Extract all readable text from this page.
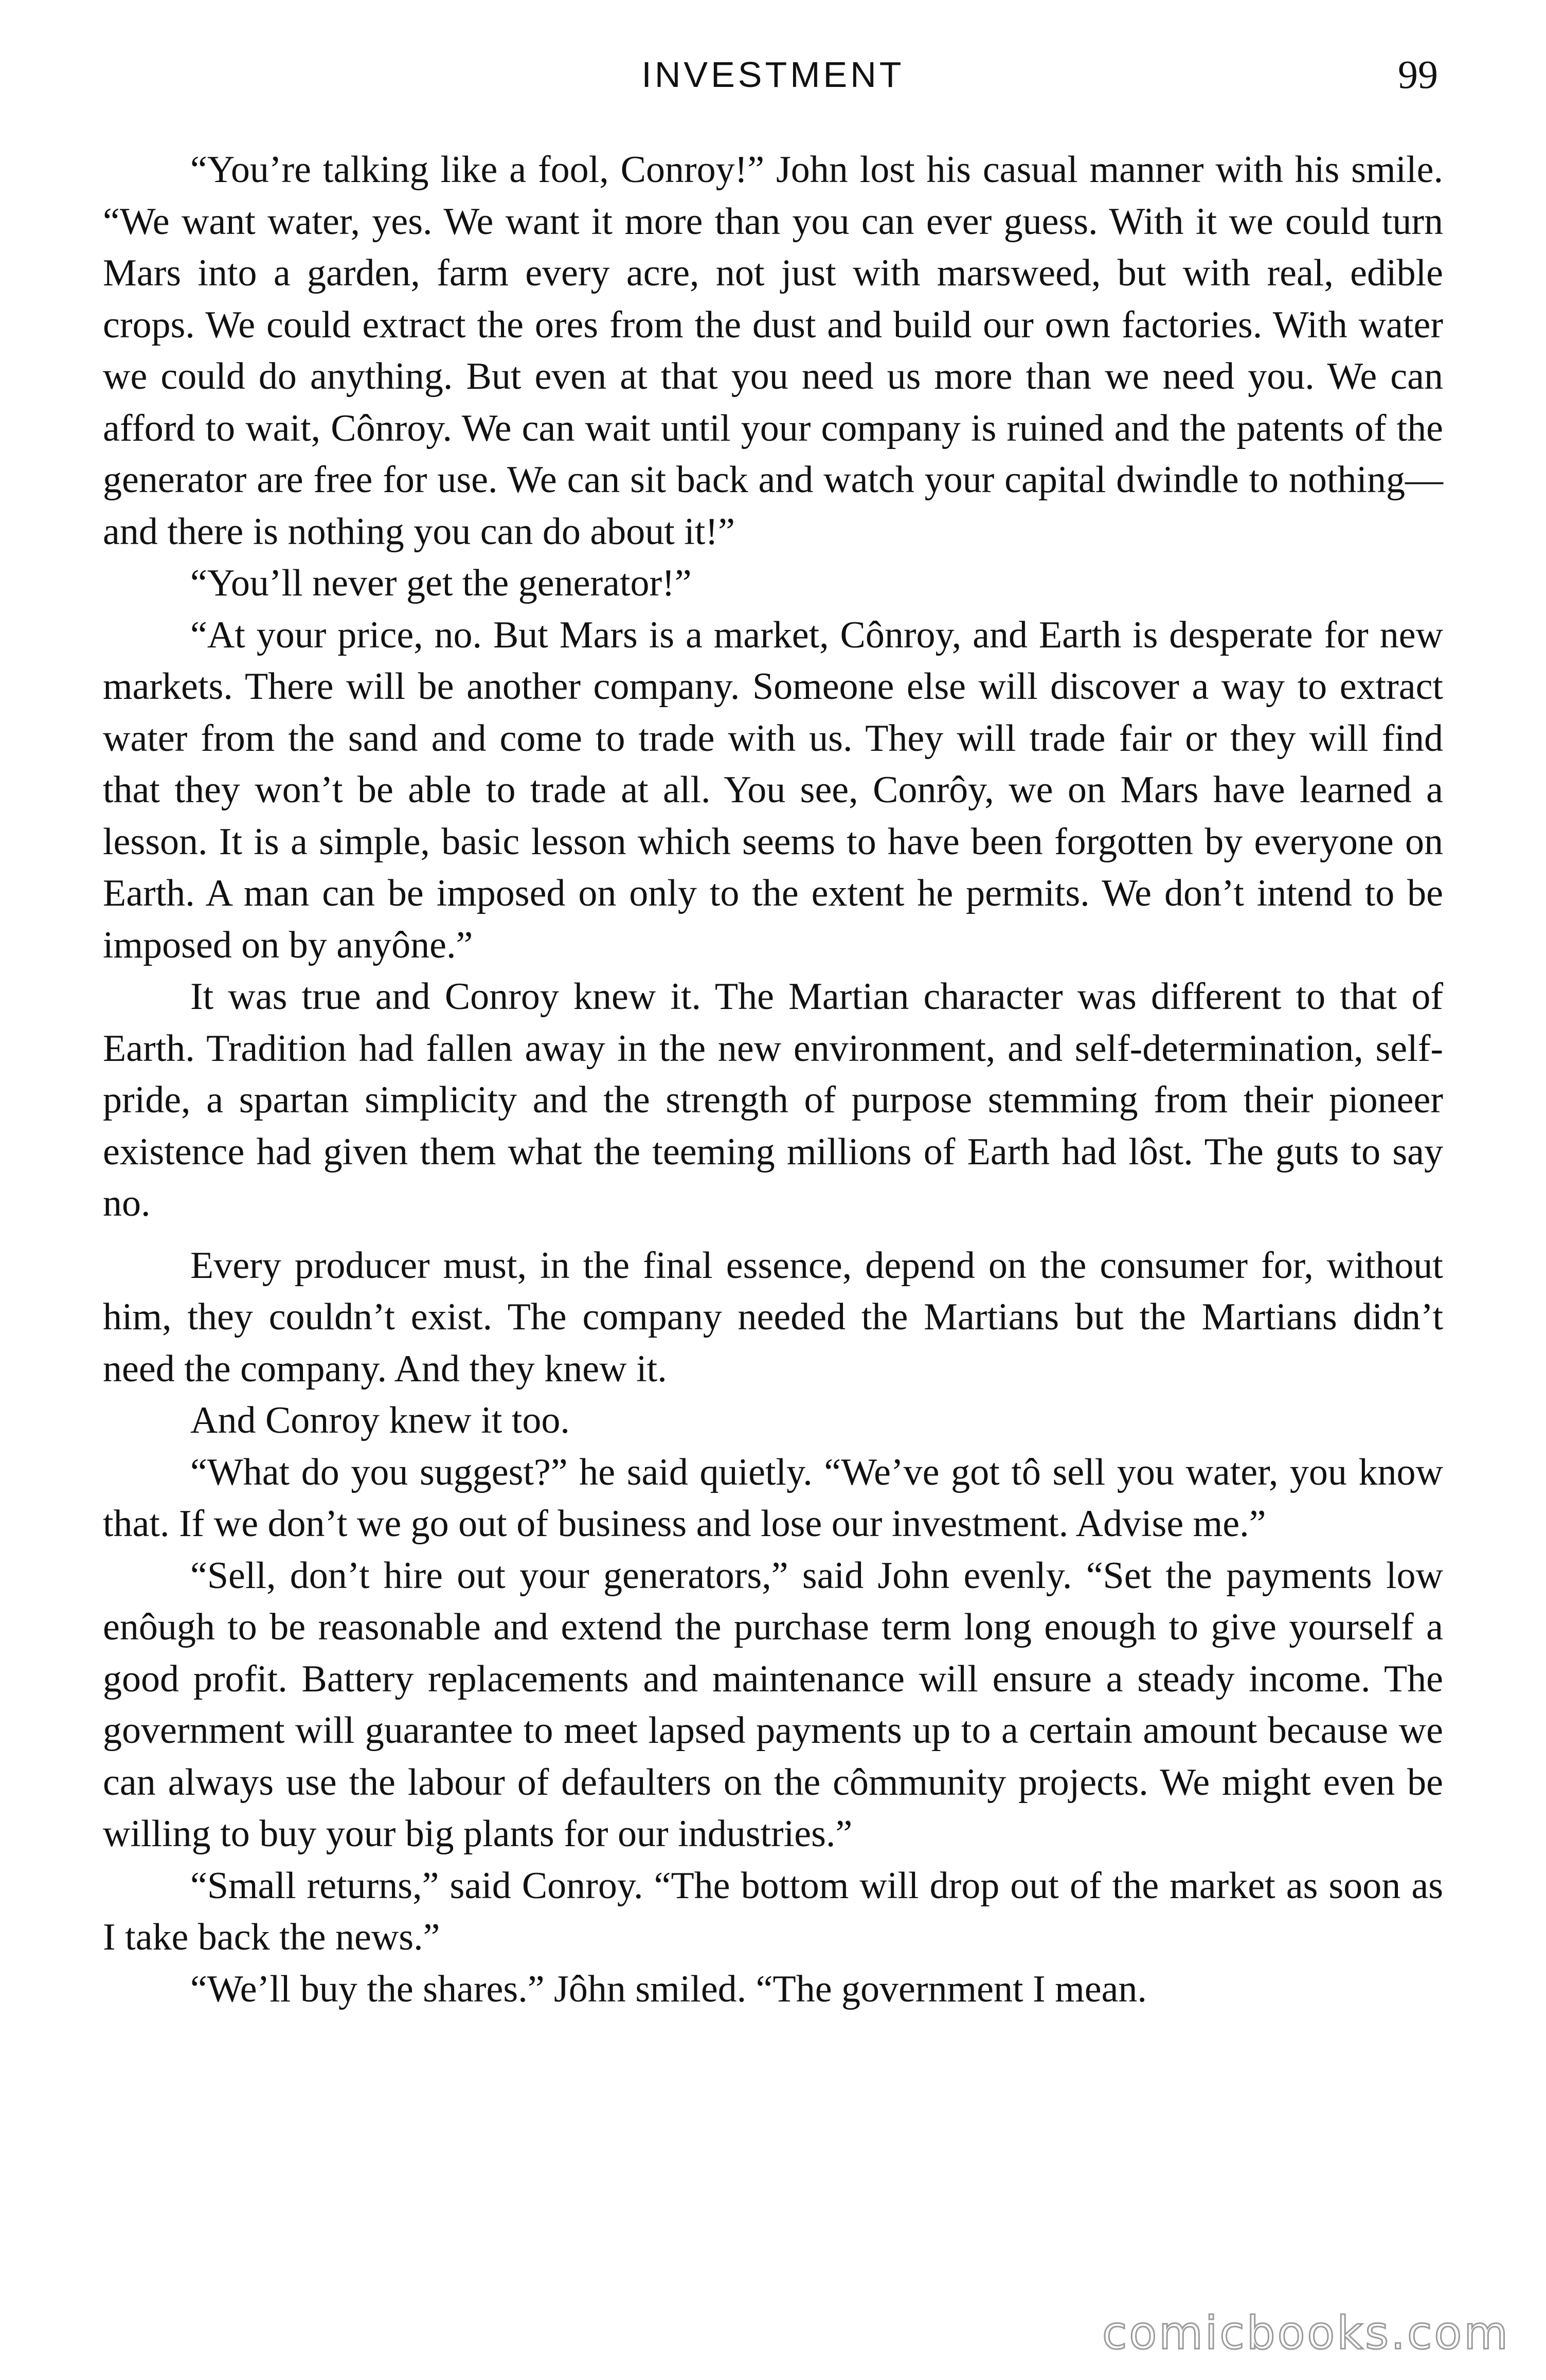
INVESTMENT	99

“You’re talking like a fool, Conroy!” John lost his casual manner with his smile. “We want water, yes. We want it more than you can ever guess. With it we could turn Mars into a garden, farm every acre, not just with marsweed, but with real, edible crops. We could extract the ores from the dust and build our own factories. With water we could do anything. But even at that you need us more than we need you. We can afford to wait, Cônroy. We can wait until your company is ruined and the patents of the generator are free for use. We can sit back and watch your capital dwindle to nothing—and there is nothing you can do about it!”

“You’ll never get the generator!”

“At your price, no. But Mars is a market, Cônroy, and Earth is desperate for new markets. There will be another company. Someone else will discover a way to extract water from the sand and come to trade with us. They will trade fair or they will find that they won’t be able to trade at all. You see, Conrôy, we on Mars have learned a lesson. It is a simple, basic lesson which seems to have been forgotten by everyone on Earth. A man can be imposed on only to the extent he permits. We don’t intend to be imposed on by anyône.”

It was true and Conroy knew it. The Martian character was different to that of Earth. Tradition had fallen away in the new environment, and self-determination, self-pride, a spartan simplicity and the strength of purpose stemming from their pioneer existence had given them what the teeming millions of Earth had lôst. The guts to say no.

Every producer must, in the final essence, depend on the consumer for, without him, they couldn’t exist. The company needed the Martians but the Martians didn’t need the company. And they knew it.

And Conroy knew it too.

“What do you suggest?” he said quietly. “We’ve got tô sell you water, you know that. If we don’t we go out of business and lose our investment. Advise me.”

“Sell, don’t hire out your generators,” said John evenly. “Set the payments low enôugh to be reasonable and extend the purchase term long enough to give yourself a good profit. Battery replacements and maintenance will ensure a steady income. The government will guarantee to meet lapsed payments up to a certain amount because we can always use the labour of defaulters on the cômmunity projects. We might even be willing to buy your big plants for our industries.”

“Small returns,” said Conroy. “The bottom will drop out of the market as soon as I take back the news.”

“We’ll buy the shares.” Jôhn smiled. “The government I mean.

comicbooks.com
